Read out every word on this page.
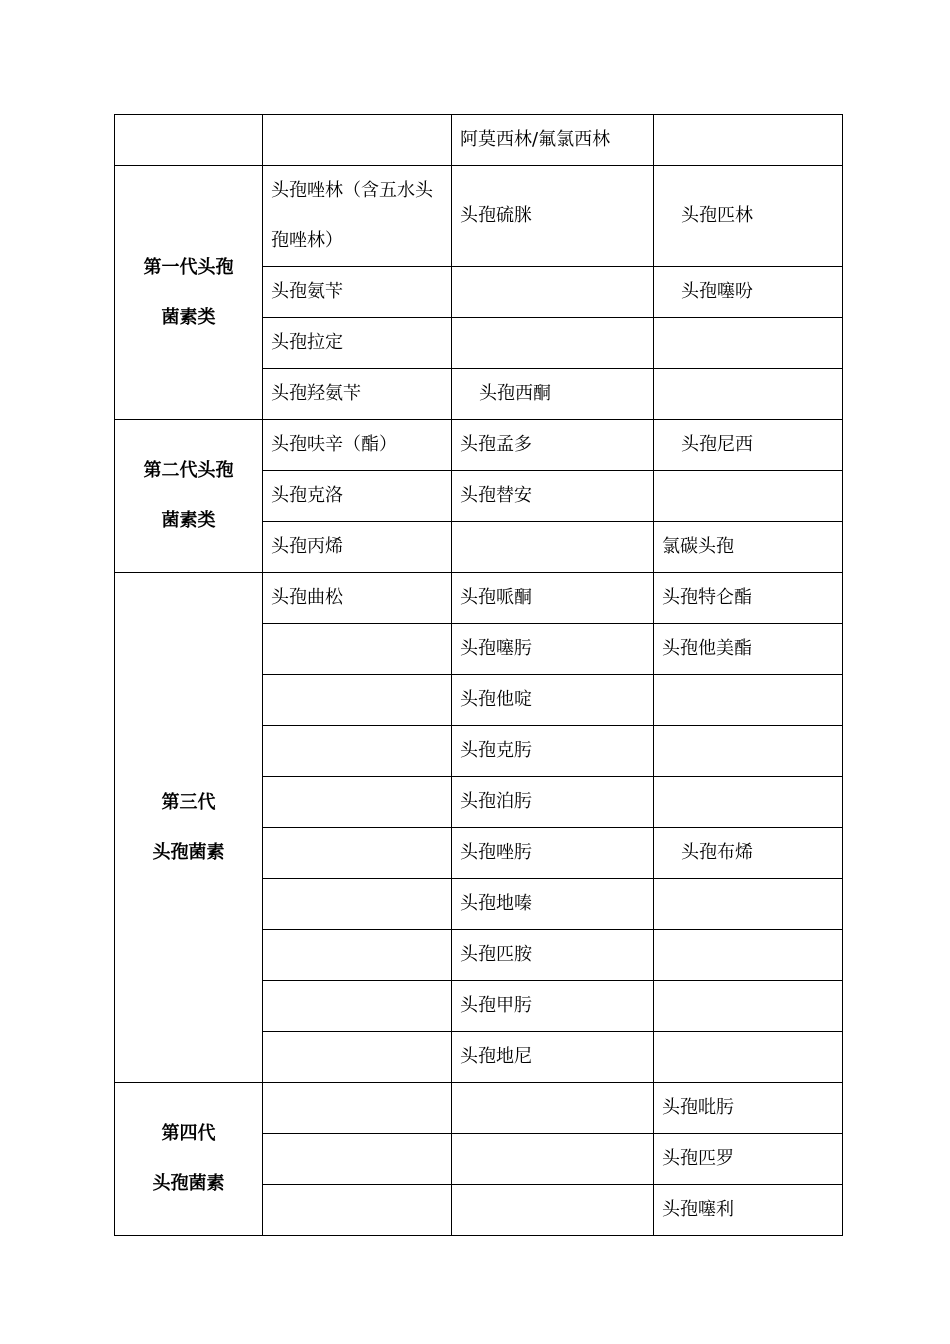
		阿莫西林/氟氯西林	

第一代头孢
菌素类	头孢唑林（含五水头孢唑林）	头孢硫脒	头孢匹林
	头孢氨苄		头孢噻吩
	头孢拉定		
	头孢羟氨苄	头孢西酮	

第二代头孢
菌素类	头孢呋辛（酯）	头孢孟多	头孢尼西
	头孢克洛	头孢替安	
	头孢丙烯		氯碳头孢

第三代
头孢菌素	头孢曲松	头孢哌酮	头孢特仑酯
		头孢噻肟	头孢他美酯
		头孢他啶	
		头孢克肟	
		头孢泊肟	
		头孢唑肟	头孢布烯
		头孢地嗪	
		头孢匹胺	
		头孢甲肟	
		头孢地尼	

第四代
头孢菌素			头孢吡肟
			头孢匹罗
			头孢噻利
